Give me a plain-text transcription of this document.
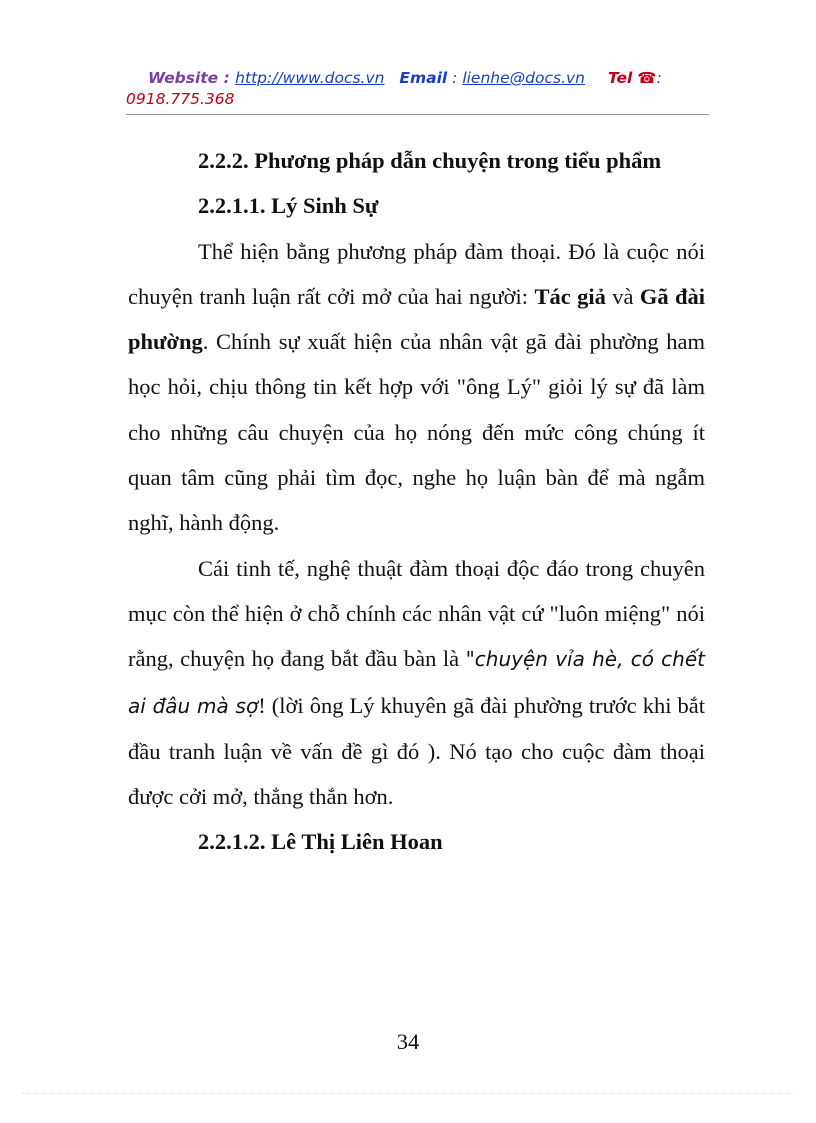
Website : http://www.docs.vn Email : lienhe@docs.vn Tel ☎:
0918.775.368
2.2.2. Phương pháp dẫn chuyện trong tiểu phẩm
2.2.1.1. Lý Sinh Sự

Thể hiện bằng phương pháp đàm thoại. Đó là cuộc nói chuyện tranh luận rất cởi mở của hai người: Tác giả và Gã đài phường. Chính sự xuất hiện của nhân vật gã đài phường ham học hỏi, chịu thông tin kết hợp với "ông Lý" giỏi lý sự đã làm cho những câu chuyện của họ nóng đến mức công chúng ít quan tâm cũng phải tìm đọc, nghe họ luận bàn để mà ngẫm nghĩ, hành động.

Cái tinh tế, nghệ thuật đàm thoại độc đáo trong chuyên mục còn thể hiện ở chỗ chính các nhân vật cứ "luôn miệng" nói rằng, chuyện họ đang bắt đầu bàn là "chuyện vỉa hè, có chết ai đâu mà sợ! (lời ông Lý khuyên gã đài phường trước khi bắt đầu tranh luận về vấn đề gì đó ). Nó tạo cho cuộc đàm thoại được cởi mở, thẳng thắn hơn.

2.2.1.2. Lê Thị Liên Hoan
34
